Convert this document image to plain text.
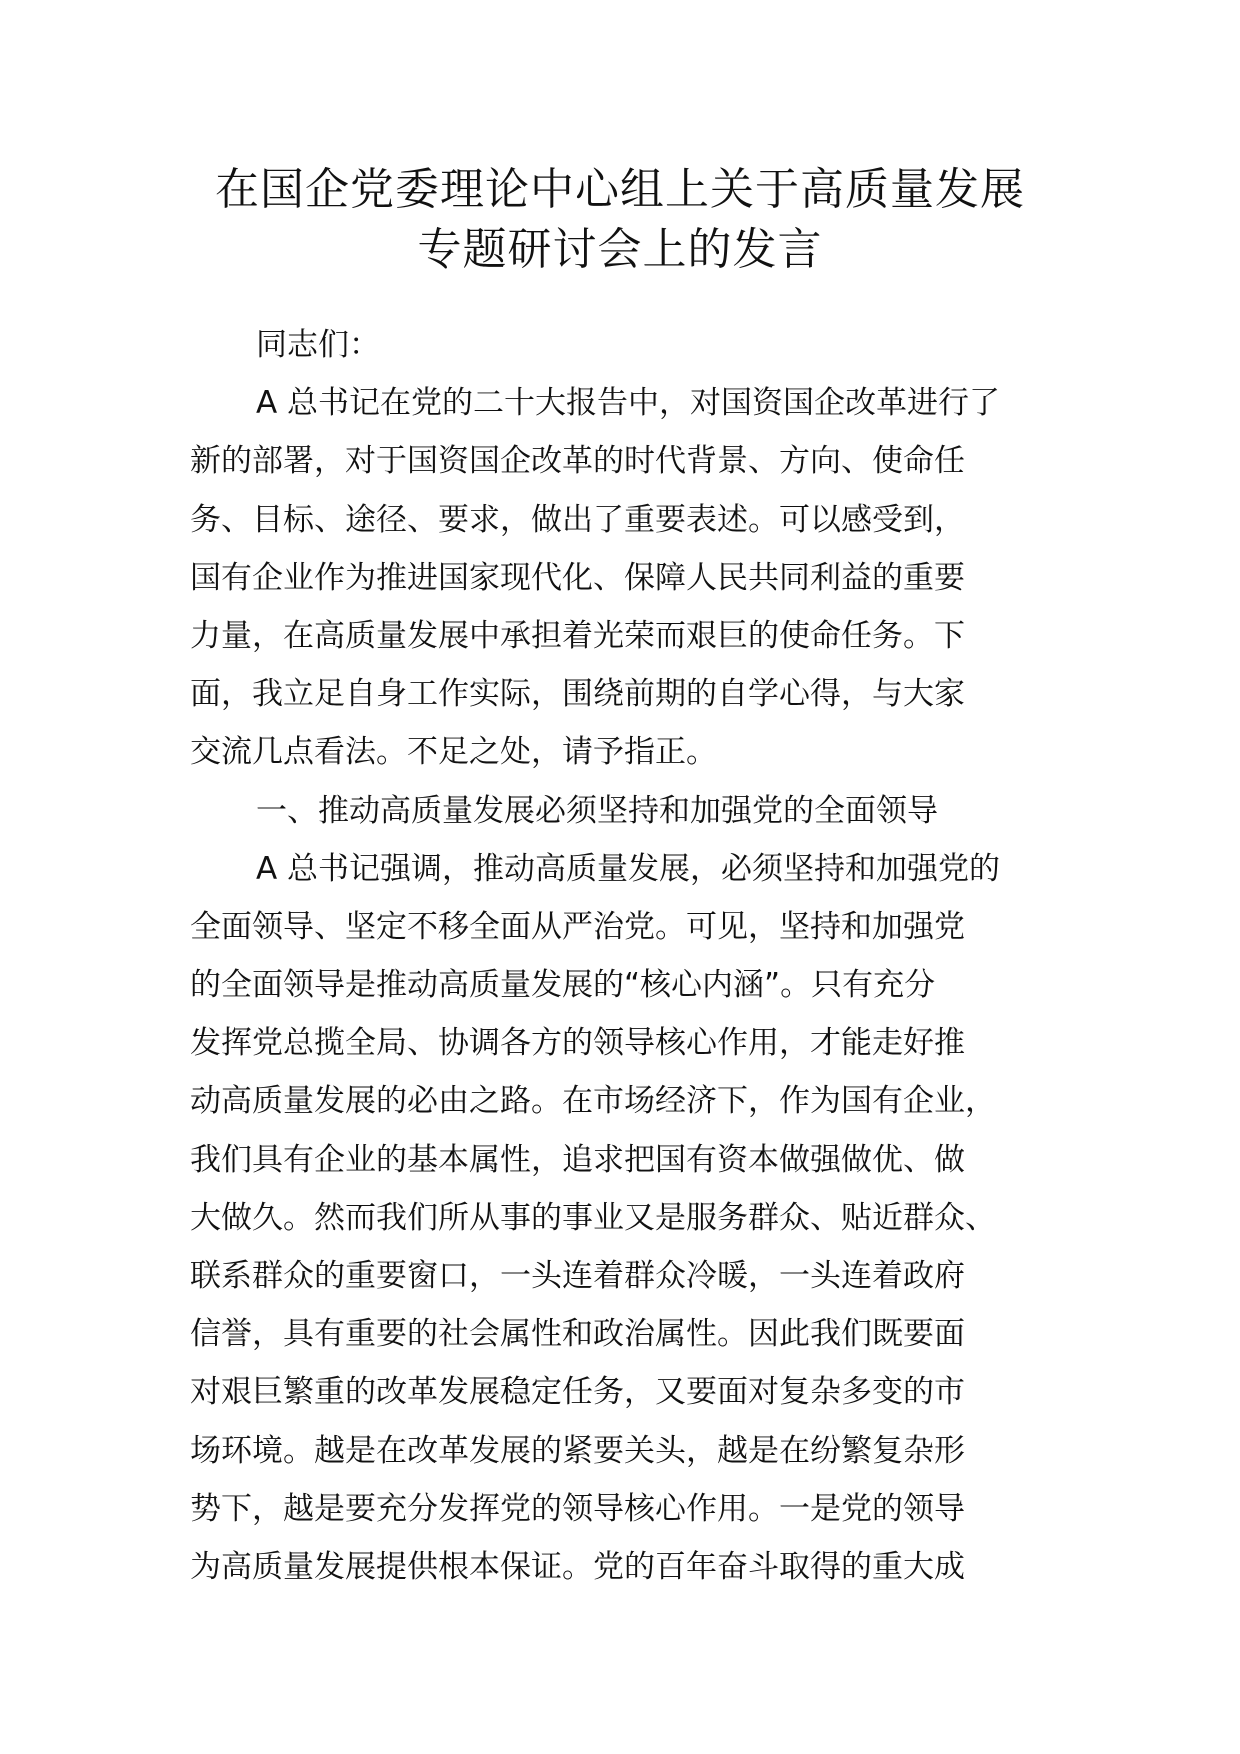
在国企党委理论中心组上关于高质量发展
专题研讨会上的发言
同志们：
A 总书记在党的二十大报告中，对国资国企改革进行了
新的部署，对于国资国企改革的时代背景、方向、使命任
务、目标、途径、要求，做出了重要表述。可以感受到，
国有企业作为推进国家现代化、保障人民共同利益的重要
力量，在高质量发展中承担着光荣而艰巨的使命任务。下
面，我立足自身工作实际，围绕前期的自学心得，与大家
交流几点看法。不足之处，请予指正。
一、推动高质量发展必须坚持和加强党的全面领导
A 总书记强调，推动高质量发展，必须坚持和加强党的
全面领导、坚定不移全面从严治党。可见，坚持和加强党
的全面领导是推动高质量发展的“核心内涵”。只有充分
发挥党总揽全局、协调各方的领导核心作用，才能走好推
动高质量发展的必由之路。在市场经济下，作为国有企业，
我们具有企业的基本属性，追求把国有资本做强做优、做
大做久。然而我们所从事的事业又是服务群众、贴近群众、
联系群众的重要窗口，一头连着群众冷暖，一头连着政府
信誉，具有重要的社会属性和政治属性。因此我们既要面
对艰巨繁重的改革发展稳定任务，又要面对复杂多变的市
场环境。越是在改革发展的紧要关头，越是在纷繁复杂形
势下，越是要充分发挥党的领导核心作用。一是党的领导
为高质量发展提供根本保证。党的百年奋斗取得的重大成
